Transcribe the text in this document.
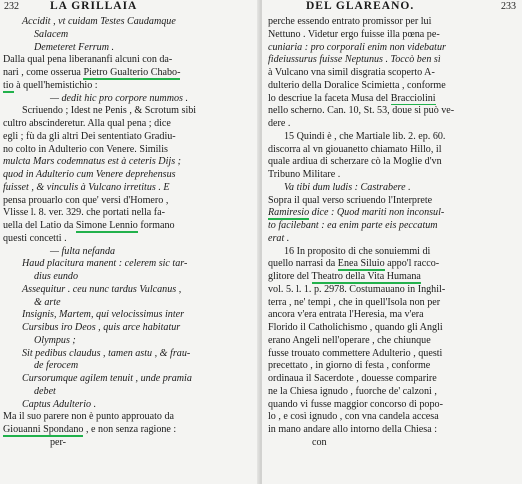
232	LA GRILLAIA
Accidit , vt cuidam Testes Caudamque
Salacem
Demeteret Ferrum .
Dalla qual pena liberananfi alcuni con da-
nari , come osserua Pietro Gualterio Chabo-
tio à quell'hemistichio :
— dedit hic pro corpore nummos .
Scriuendo ; Idest ne Penis , & Scrotum sibi
cultro abscinderetur. Alla qual pena ; dice
egli ; fù da gli altri Dei sententiato Gradiu-
no colto in Adulterio con Venere. Similis
mulcta Mars codemnatus est à ceteris Dijs ;
quod in Adulterio cum Venere deprehensus
fuisset , & vinculis à Vulcano irretitus . E
pensa prouarlo con que' versi d'Homero ,
Vlisse l. 8. ver. 329. che portati nella fa-
uella del Latio da Simone Lennio formano
questi concetti .
— fulta nefanda
Haud placitura manent : celerem sic tar-
dius eundo
Assequitur . ceu nunc tardus Vulcanus ,
& arte
Insignis, Martem, qui velocissimus inter
Cursibus iro Deos , quis arce habitatur
Olympus ;
Sit pedibus claudus , tamen astu , & frau-
de ferocem
Cursorumque agilem tenuit , unde pramia
debet
Captus Adulterio .
Ma il suo parere non è punto approuato da
Giouanni Spondano , e non senza ragione :
per-
DEL GLAREANO.	233
perche essendo entrato promissor per lui
Nettuno . Videtur ergo fuisse illa pœna pe-
cuniaria : pro corporali enim non videbatur
fideiussurus fuisse Neptunus . Toccò ben sì
à Vulcano vna simil disgratia scoperto A-
dulterio della Doralice Scimietta , conforme
lo descriue la faceta Musa del Bracciolini
nello scherno. Can. 10, St. 53, doue si può ve-
dere .
15 Quindi è , che Martiale lib. 2. ep. 60.
discorra al vn giouanetto chiamato Hillo, il
quale ardiua di scherzare cò la Moglie d'vn
Tribuno Militare .
Va tibi dum ludis : Castrabere .
Sopra il qual verso scriuendo l'Interprete
Ramiresio dice : Quod mariti non inconsul-
to facilebant : ea enim parte eis peccatum
erat .
16 In proposito di che sonuiemmi di
quello narrasi da Enea Siluio appo'l racco-
glitore del Theatro della Vita Humana
vol. 5. l. 1. p. 2978. Costumauano in Inghil-
terra , ne' tempi , che in quell'Isola non per
ancora v'era entrata l'Heresia, ma v'era
Florido il Catholichismo , quando gli Angli
erano Angeli nell'operare , che chiunque
fusse trouato commettere Adulterio , questi
precettato , in giorno di festa , conforme
ordinaua il Sacerdote , douesse comparire
ne la Chiesa ignudo , fuorche de' calzoni ,
quando vi fusse maggior concorso di popo-
lo , e così ignudo , con vna candela accesa
in mano andare allo intorno della Chiesa :
con
